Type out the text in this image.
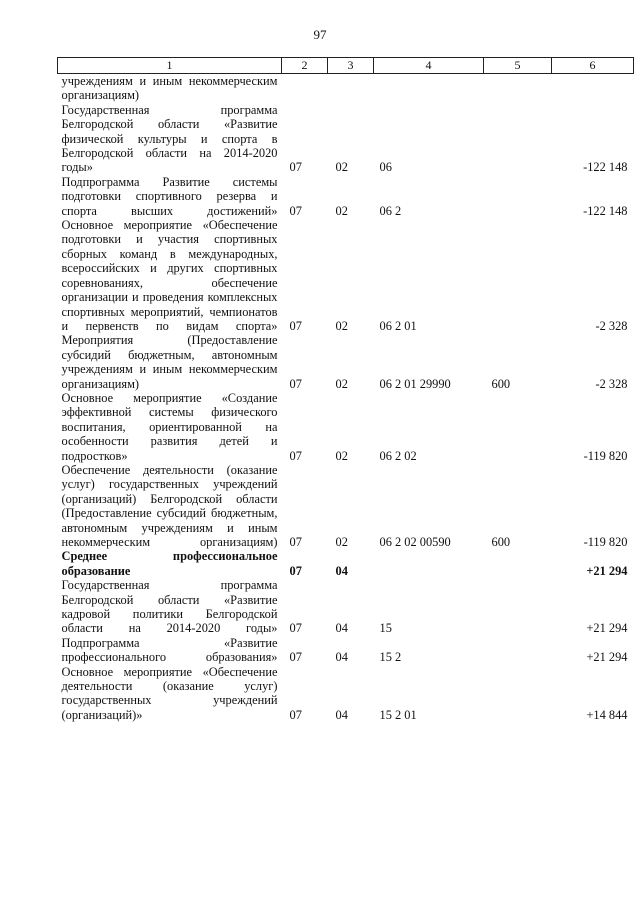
97
1	2	3	4	5	6
учреждениям и иным некоммерческим организациям)					
Государственная программа Белгородской области «Развитие физической культуры и спорта в Белгородской области на 2014-2020 годы»	07	02	06		-122 148
Подпрограмма Развитие системы подготовки спортивного резерва и спорта высших достижений»	07	02	06 2		-122 148
Основное мероприятие «Обеспечение подготовки и участия спортивных сборных команд в международных, всероссийских и других спортивных соревнованиях, обеспечение организации и проведения комплексных спортивных мероприятий, чемпионатов и первенств по видам спорта»	07	02	06 2 01		-2 328
Мероприятия (Предоставление субсидий бюджетным, автономным учреждениям и иным некоммерческим организациям)	07	02	06 2 01 29990	600	-2 328
Основное мероприятие «Создание эффективной системы физического воспитания, ориентированной на особенности развития детей и подростков»	07	02	06 2 02		-119 820
Обеспечение деятельности (оказание услуг) государственных учреждений (организаций) Белгородской области (Предоставление субсидий бюджетным, автономным учреждениям и иным некоммерческим организациям)	07	02	06 2 02 00590	600	-119 820
Среднее профессиональное образование	07	04			+21 294
Государственная программа Белгородской области «Развитие кадровой политики Белгородской области на 2014-2020 годы»	07	04	15		+21 294
Подпрограмма «Развитие профессионального образования»	07	04	15 2		+21 294
Основное мероприятие «Обеспечение деятельности (оказание услуг) государственных учреждений (организаций)»	07	04	15 2 01		+14 844
